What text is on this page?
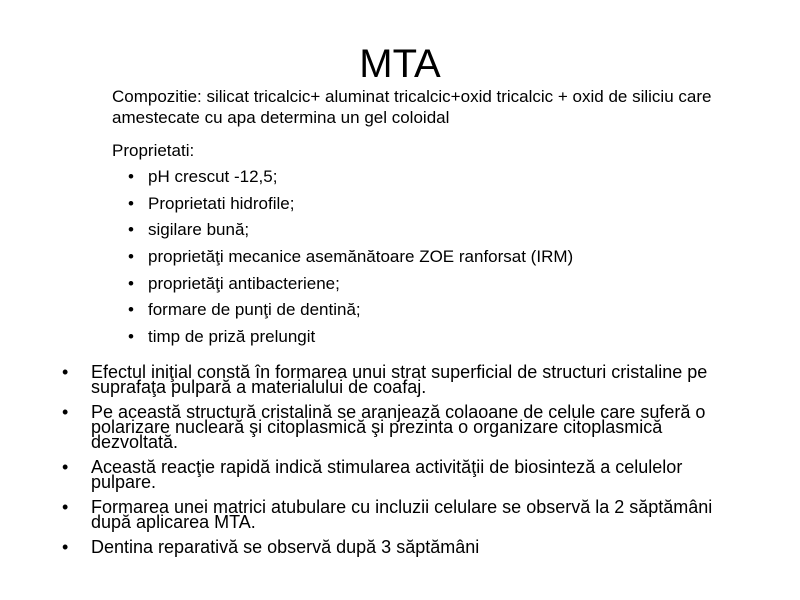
MTA

Compozitie: silicat tricalcic+ aluminat tricalcic+oxid tricalcic + oxid de siliciu care amestecate cu apa determina un gel coloidal

Proprietati:

• pH crescut -12,5;
• Proprietati hidrofile;
• sigilare bună;
• proprietăţi mecanice asemănătoare ZOE ranforsat (IRM)
• proprietăţi antibacteriene;
• formare de punţi de dentină;
• timp de priză prelungit
• Efectul iniţial constă în formarea unui strat superficial de structuri cristaline pe suprafaţa pulpară a materialului de coafaj.
• Pe această structură cristalină se aranjează colaoane de celule care suferă o polarizare nucleară şi citoplasmică şi prezinta o organizare citoplasmică dezvoltată.
• Această reacţie rapidă indică stimularea activităţii de biosinteză a celulelor pulpare.
• Formarea unei matrici atubulare cu incluzii celulare se observă la 2 săptămâni după aplicarea MTA.
• Dentina reparativă se observă după 3 săptămâni
